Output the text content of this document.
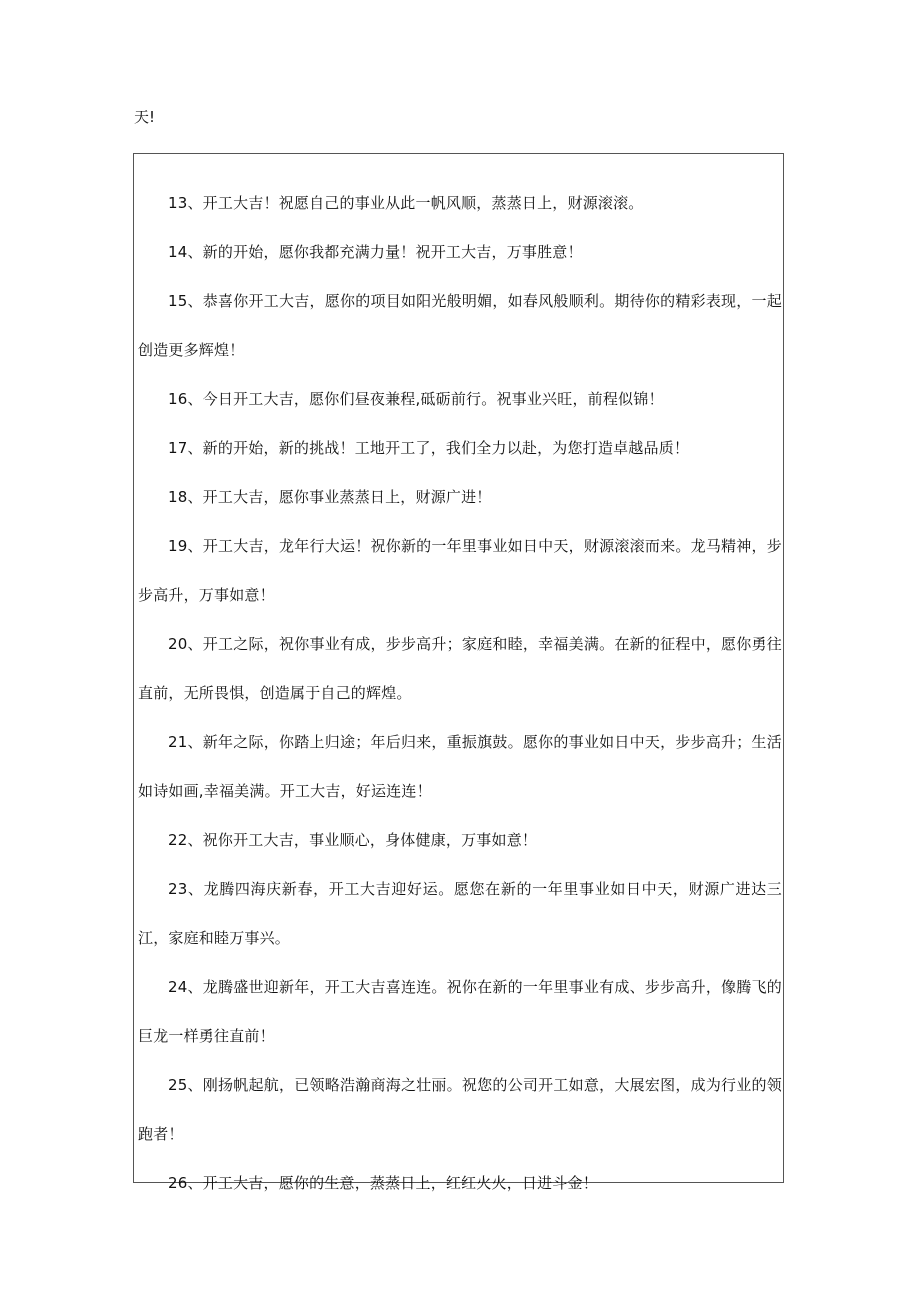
天!

13、开工大吉！祝愿自己的事业从此一帆风顺，蒸蒸日上，财源滚滚。

14、新的开始，愿你我都充满力量！祝开工大吉，万事胜意！

15、恭喜你开工大吉，愿你的项目如阳光般明媚，如春风般顺利。期待你的精彩表现，一起创造更多辉煌！

16、今日开工大吉，愿你们昼夜兼程,砥砺前行。祝事业兴旺，前程似锦！

17、新的开始，新的挑战！工地开工了，我们全力以赴，为您打造卓越品质！

18、开工大吉，愿你事业蒸蒸日上，财源广进！

19、开工大吉，龙年行大运！祝你新的一年里事业如日中天，财源滚滚而来。龙马精神，步步高升，万事如意！

20、开工之际，祝你事业有成，步步高升；家庭和睦，幸福美满。在新的征程中，愿你勇往直前，无所畏惧，创造属于自己的辉煌。

21、新年之际，你踏上归途；年后归来，重振旗鼓。愿你的事业如日中天，步步高升；生活如诗如画,幸福美满。开工大吉，好运连连！

22、祝你开工大吉，事业顺心，身体健康，万事如意！

23、龙腾四海庆新春，开工大吉迎好运。愿您在新的一年里事业如日中天，财源广进达三江，家庭和睦万事兴。

24、龙腾盛世迎新年，开工大吉喜连连。祝你在新的一年里事业有成、步步高升，像腾飞的巨龙一样勇往直前！

25、刚扬帆起航，已领略浩瀚商海之壮丽。祝您的公司开工如意，大展宏图，成为行业的领跑者！

26、开工大吉，愿你的生意，蒸蒸日上，红红火火，日进斗金！
